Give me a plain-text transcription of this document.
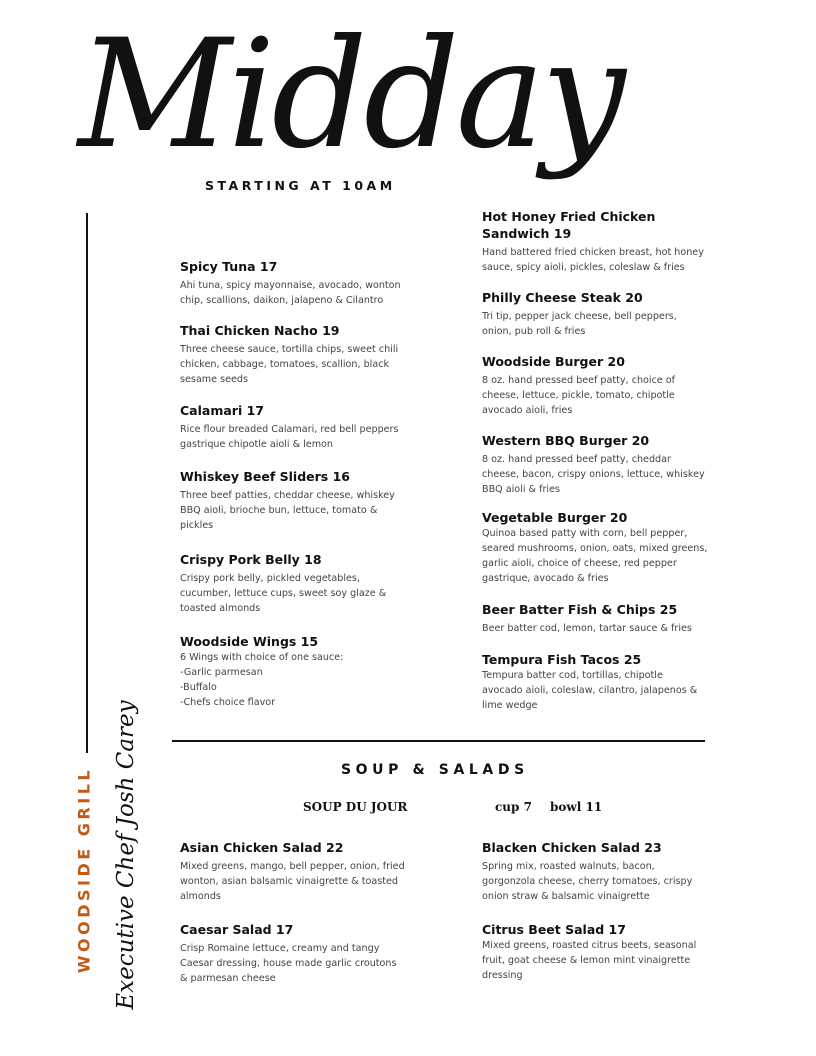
Midday

STARTING AT 10AM

WOODSIDE GRILL Executive Chef Josh Carey

Spicy Tuna 17

Ahi tuna, spicy mayonnaise, avocado, wonton
chip, scallions, daikon, jalapeno & Cilantro

Thai Chicken Nacho 19

Three cheese sauce, tortilla chips, sweet chili
chicken, cabbage, tomatoes, scallion, black
sesame seeds

Calamari 17

Rice flour breaded Calamari, red bell peppers
gastrique chipotle aioli & lemon

Whiskey Beef Sliders 16

Three beef patties, cheddar cheese, whiskey
BBQ aioli, brioche bun, lettuce, tomato &
pickles

Crispy Pork Belly 18

Crispy pork belly, pickled vegetables,
cucumber, lettuce cups, sweet soy glaze &
toasted almonds

Woodside Wings 15

6 Wings with choice of one sauce:
-Garlic parmesan
-Buffalo
-Chefs choice flavor

Hot Honey Fried Chicken
Sandwich 19

Hand battered fried chicken breast, hot honey
sauce, spicy aioli, pickles, coleslaw & fries

Philly Cheese Steak 20

Tri tip, pepper jack cheese, bell peppers,
onion, pub roll & fries

Woodside Burger 20

8 oz. hand pressed beef patty, choice of
cheese, lettuce, pickle, tomato, chipotle
avocado aioli, fries

Western BBQ Burger 20

8 oz. hand pressed beef patty, cheddar
cheese, bacon, crispy onions, lettuce, whiskey
BBQ aioli & fries

Vegetable Burger 20

Quinoa based patty with corn, bell pepper,
seared mushrooms, onion, oats, mixed greens,
garlic aioli, choice of cheese, red pepper
gastrique, avocado & fries

Beer Batter Fish & Chips 25

Beer batter cod, lemon, tartar sauce & fries

Tempura Fish Tacos 25

Tempura batter cod, tortillas, chipotle
avocado aioli, coleslaw, cilantro, jalapenos &
lime wedge

SOUP & SALADS
SOUP DU JOUR	cup 7 bowl 11

Asian Chicken Salad 22

Mixed greens, mango, bell pepper, onion, fried
wonton, asian balsamic vinaigrette & toasted
almonds

Caesar Salad 17

Crisp Romaine lettuce, creamy and tangy
Caesar dressing, house made garlic croutons
& parmesan cheese

Blacken Chicken Salad 23

Spring mix, roasted walnuts, bacon,
gorgonzola cheese, cherry tomatoes, crispy
onion straw & balsamic vinaigrette

Citrus Beet Salad 17

Mixed greens, roasted citrus beets, seasonal
fruit, goat cheese & lemon mint vinaigrette
dressing
